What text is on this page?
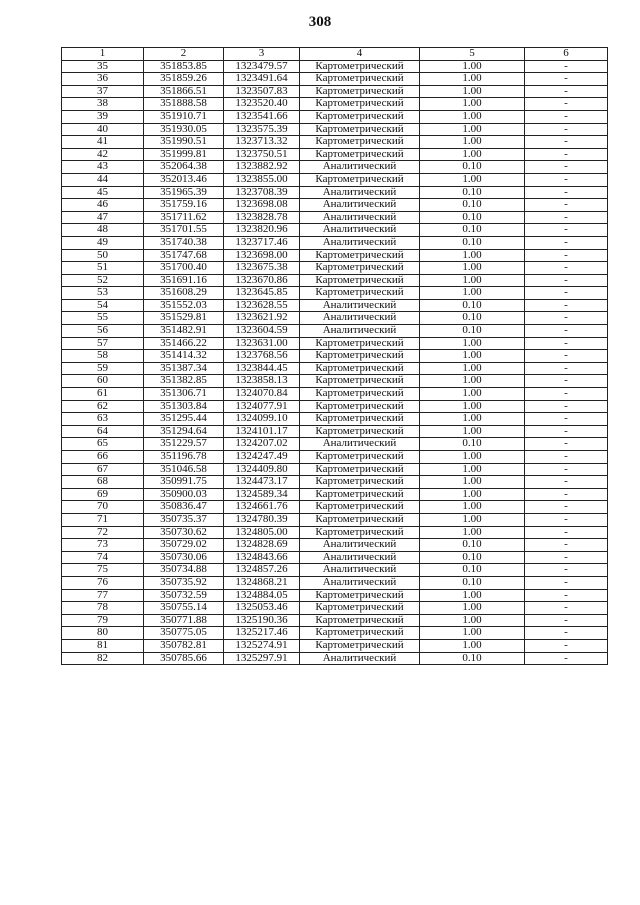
308
1	2	3	4	5	6
35	351853.85	1323479.57	Картометрический	1.00	-
36	351859.26	1323491.64	Картометрический	1.00	-
37	351866.51	1323507.83	Картометрический	1.00	-
38	351888.58	1323520.40	Картометрический	1.00	-
39	351910.71	1323541.66	Картометрический	1.00	-
40	351930.05	1323575.39	Картометрический	1.00	-
41	351990.51	1323713.32	Картометрический	1.00	-
42	351999.81	1323750.51	Картометрический	1.00	-
43	352064.38	1323882.92	Аналитический	0.10	-
44	352013.46	1323855.00	Картометрический	1.00	-
45	351965.39	1323708.39	Аналитический	0.10	-
46	351759.16	1323698.08	Аналитический	0.10	-
47	351711.62	1323828.78	Аналитический	0.10	-
48	351701.55	1323820.96	Аналитический	0.10	-
49	351740.38	1323717.46	Аналитический	0.10	-
50	351747.68	1323698.00	Картометрический	1.00	-
51	351700.40	1323675.38	Картометрический	1.00	-
52	351691.16	1323670.86	Картометрический	1.00	-
53	351608.29	1323645.85	Картометрический	1.00	-
54	351552.03	1323628.55	Аналитический	0.10	-
55	351529.81	1323621.92	Аналитический	0.10	-
56	351482.91	1323604.59	Аналитический	0.10	-
57	351466.22	1323631.00	Картометрический	1.00	-
58	351414.32	1323768.56	Картометрический	1.00	-
59	351387.34	1323844.45	Картометрический	1.00	-
60	351382.85	1323858.13	Картометрический	1.00	-
61	351306.71	1324070.84	Картометрический	1.00	-
62	351303.84	1324077.91	Картометрический	1.00	-
63	351295.44	1324099.10	Картометрический	1.00	-
64	351294.64	1324101.17	Картометрический	1.00	-
65	351229.57	1324207.02	Аналитический	0.10	-
66	351196.78	1324247.49	Картометрический	1.00	-
67	351046.58	1324409.80	Картометрический	1.00	-
68	350991.75	1324473.17	Картометрический	1.00	-
69	350900.03	1324589.34	Картометрический	1.00	-
70	350836.47	1324661.76	Картометрический	1.00	-
71	350735.37	1324780.39	Картометрический	1.00	-
72	350730.62	1324805.00	Картометрический	1.00	-
73	350729.02	1324828.69	Аналитический	0.10	-
74	350730.06	1324843.66	Аналитический	0.10	-
75	350734.88	1324857.26	Аналитический	0.10	-
76	350735.92	1324868.21	Аналитический	0.10	-
77	350732.59	1324884.05	Картометрический	1.00	-
78	350755.14	1325053.46	Картометрический	1.00	-
79	350771.88	1325190.36	Картометрический	1.00	-
80	350775.05	1325217.46	Картометрический	1.00	-
81	350782.81	1325274.91	Картометрический	1.00	-
82	350785.66	1325297.91	Аналитический	0.10	-
